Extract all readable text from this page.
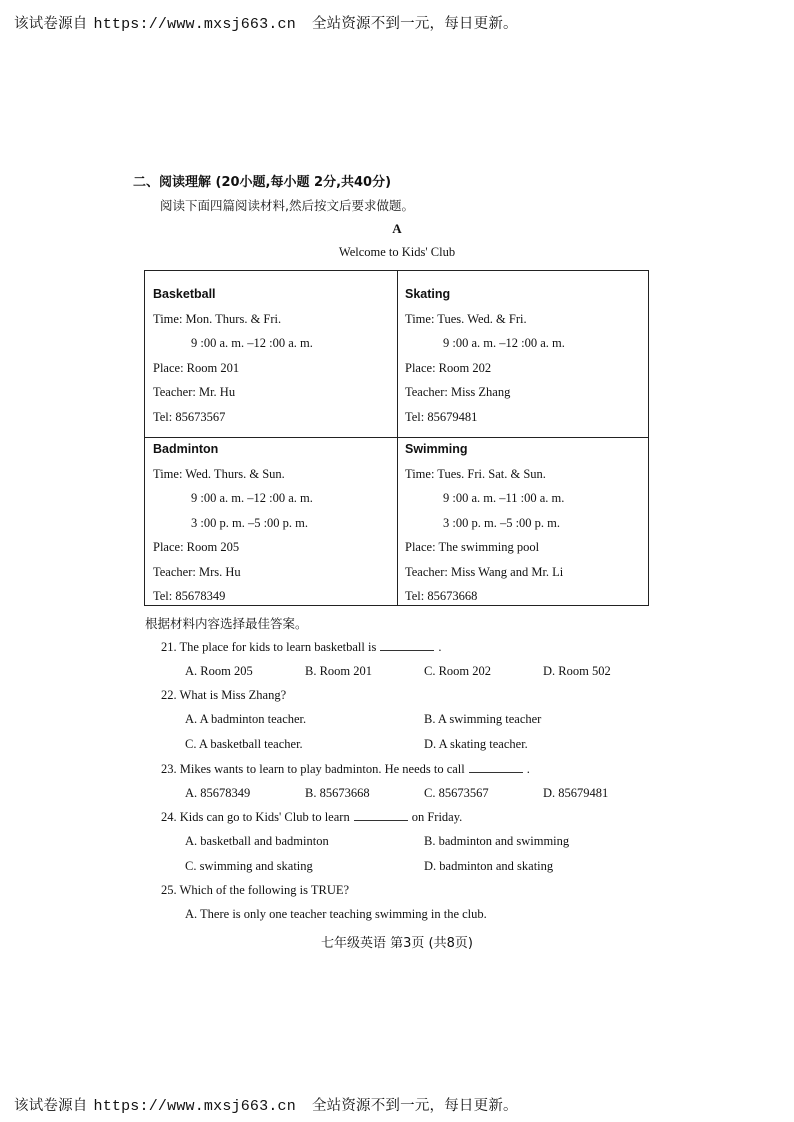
该试卷源自 https://www.mxsj663.cn 全站资源不到一元，每日更新。
二、阅读理解 (20小题,每小题 2分,共40分)
阅读下面四篇阅读材料,然后按文后要求做题。
A
Welcome to Kids' Club
Basketball
Time: Mon. Thurs. & Fri.
9 :00 a. m. –12 :00 a. m.
Place: Room 201
Teacher: Mr. Hu
Tel: 85673567
Skating
Time: Tues. Wed. & Fri.
9 :00 a. m. –12 :00 a. m.
Place: Room 202
Teacher: Miss Zhang
Tel: 85679481
Badminton
Time: Wed. Thurs. & Sun.
9 :00 a. m. –12 :00 a. m.
3 :00 p. m. –5 :00 p. m.
Place: Room 205
Teacher: Mrs. Hu
Tel: 85678349
Swimming
Time: Tues. Fri. Sat. & Sun.
9 :00 a. m. –11 :00 a. m.
3 :00 p. m. –5 :00 p. m.
Place: The swimming pool
Teacher: Miss Wang and Mr. Li
Tel: 85673668
根据材料内容选择最佳答案。
21. The place for kids to learn basketball is	.
A. Room 205	B. Room 201	C. Room 202	D. Room 502
22. What is Miss Zhang?
A. A badminton teacher.	B. A swimming teacher
C. A basketball teacher.	D. A skating teacher.
23. Mikes wants to learn to play badminton. He needs to call	.
A. 85678349	B. 85673668	C. 85673567	D. 85679481
24. Kids can go to Kids' Club to learn	on Friday.
A. basketball and badminton	B. badminton and swimming
C. swimming and skating	D. badminton and skating
25. Which of the following is TRUE?
A. There is only one teacher teaching swimming in the club.
七年级英语 第3页 (共8页)
该试卷源自 https://www.mxsj663.cn 全站资源不到一元，每日更新。
